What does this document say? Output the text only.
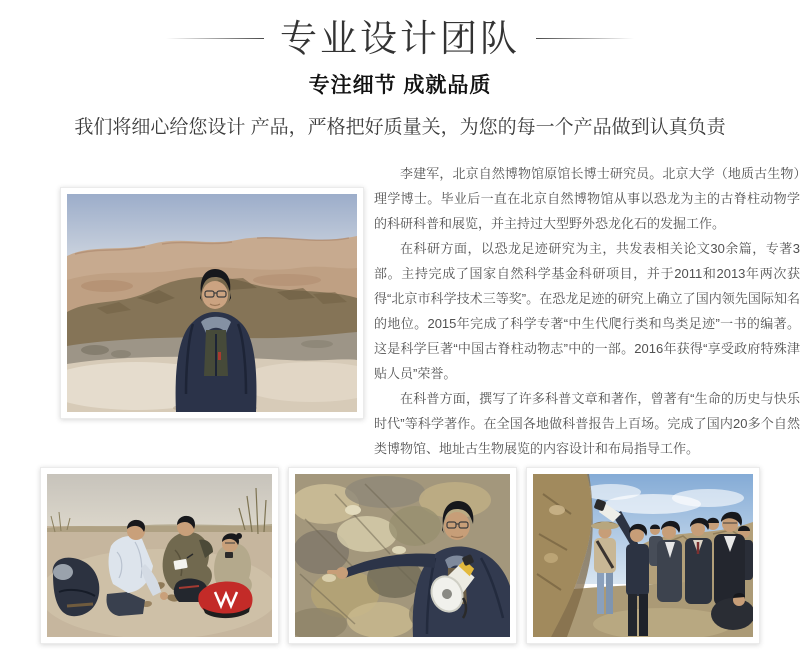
专业设计团队
专注细节 成就品质
我们将细心给您设计 产品，严格把好质量关，为您的每一个产品做到认真负责

李建军，北京自然博物馆原馆长博士研究员。北京大学（地质古生物）理学博士。毕业后一直在北京自然博物馆从事以恐龙为主的古脊柱动物学的科研科普和展览，并主持过大型野外恐龙化石的发掘工作。

在科研方面，以恐龙足迹研究为主，共发表相关论文30余篇，专著3部。主持完成了国家自然科学基金科研项目，并于2011和2013年两次获得“北京市科学技术三等奖”。在恐龙足迹的研究上确立了国内领先国际知名的地位。2015年完成了科学专著“中生代爬行类和鸟类足迹”一书的编著。这是科学巨著“中国古脊柱动物志”中的一部。2016年获得“享受政府特殊津贴人员”荣誉。

在科普方面，撰写了许多科普文章和著作，曾著有“生命的历史与快乐时代”等科学著作。在全国各地做科普报告上百场。完成了国内20多个自然类博物馆、地址古生物展览的内容设计和布局指导工作。
